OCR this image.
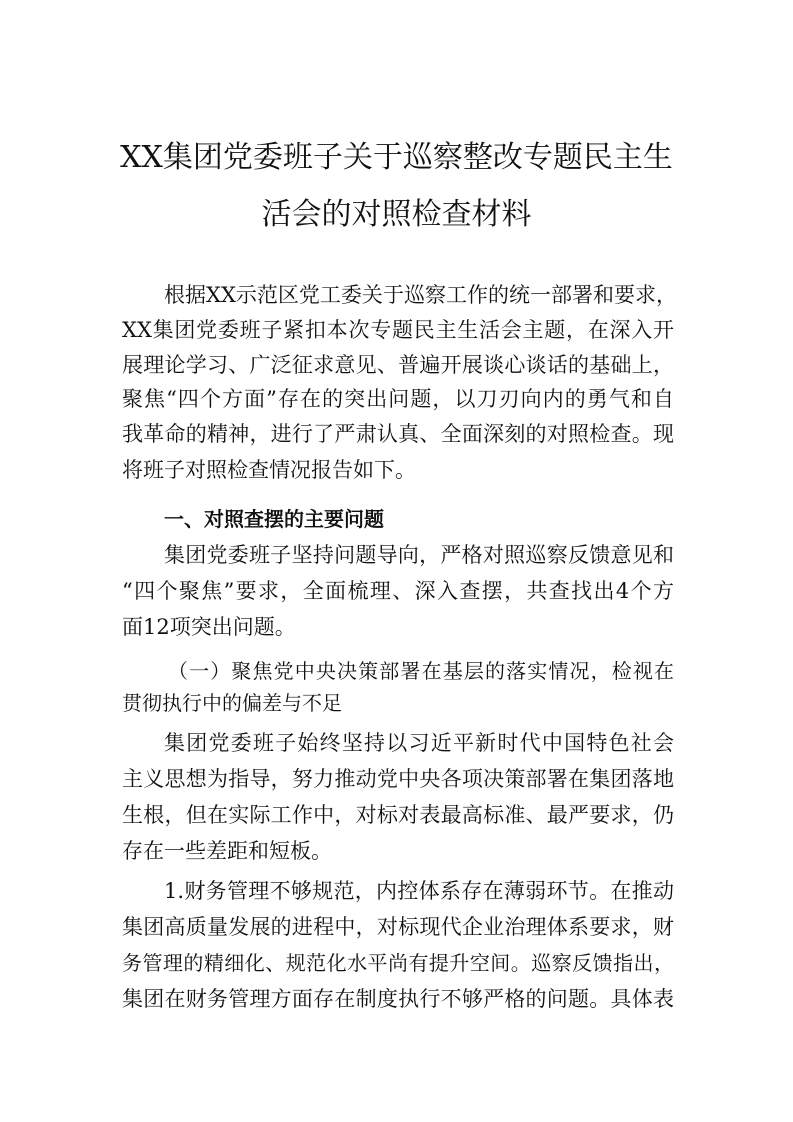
XX集团党委班子关于巡察整改专题民主生
活会的对照检查材料

根据XX示范区党工委关于巡察工作的统一部署和要求，

XX集团党委班子紧扣本次专题民主生活会主题，在深入开

展理论学习、广泛征求意见、普遍开展谈心谈话的基础上，

聚焦“四个方面”存在的突出问题，以刀刃向内的勇气和自

我革命的精神，进行了严肃认真、全面深刻的对照检查。现

将班子对照检查情况报告如下。

一、对照查摆的主要问题

集团党委班子坚持问题导向，严格对照巡察反馈意见和

“四个聚焦”要求，全面梳理、深入查摆，共查找出4个方

面12项突出问题。

（一）聚焦党中央决策部署在基层的落实情况，检视在

贯彻执行中的偏差与不足

集团党委班子始终坚持以习近平新时代中国特色社会

主义思想为指导，努力推动党中央各项决策部署在集团落地

生根，但在实际工作中，对标对表最高标准、最严要求，仍

存在一些差距和短板。

1.财务管理不够规范，内控体系存在薄弱环节。在推动

集团高质量发展的进程中，对标现代企业治理体系要求，财

务管理的精细化、规范化水平尚有提升空间。巡察反馈指出，

集团在财务管理方面存在制度执行不够严格的问题。具体表
